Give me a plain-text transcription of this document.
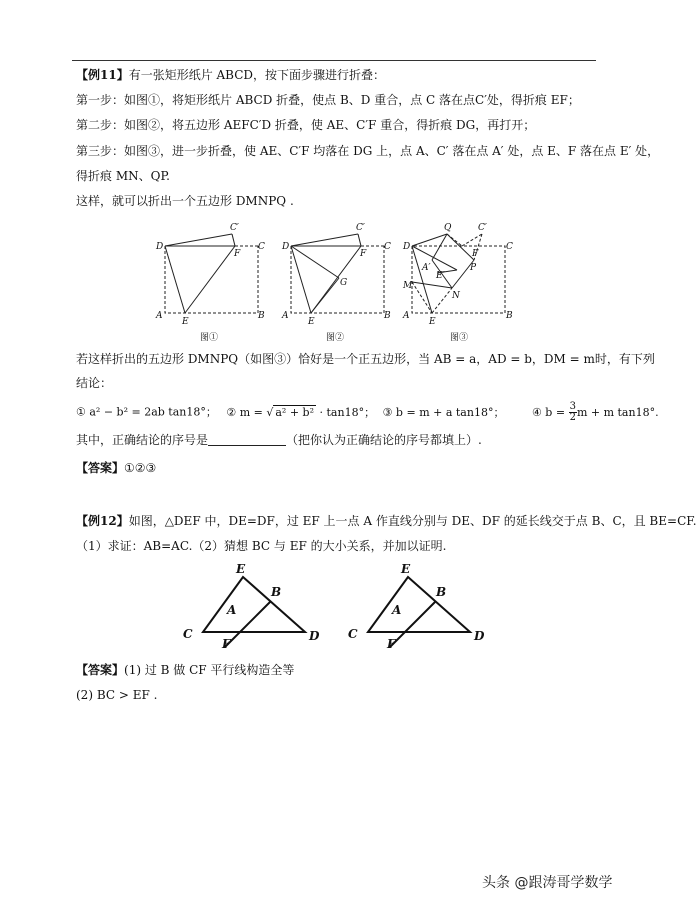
【例11】有一张矩形纸片 ABCD，按下面步骤进行折叠：
第一步：如图①，将矩形纸片 ABCD 折叠，使点 B、D 重合，点 C 落在点C′处，得折痕 EF；
第二步：如图②，将五边形 AEFC′D 折叠，使 AE、C′F 重合，得折痕 DG，再打开；
第三步：如图③，进一步折叠，使 AE、C′F 均落在 DG 上，点 A、C′ 落在点 A′ 处，点 E、F 落在点 E′ 处，
得折痕 MN、QP.
这样，就可以折出一个五边形 DMNPQ .
D
A
E
B
C
C′
F
D
A
E
B
C
C′
F
G
D
M
A
E
B
C
Q	C′
F
P
A′
E′
N
图①	图②	图③
若这样折出的五边形 DMNPQ（如图③）恰好是一个正五边形，当 AB = a，AD = b，DM = m时，有下列
结论：
① a² − b² = 2ab tan18°； ② m = √ a² + b² · tan18°； ③ b = m + a tan18°；	④ $b = \frac{3}{2}$ m + m tan18°.
其中，正确结论的序号是	（把你认为正确结论的序号都填上）.
【答案】①②③
【例12】如图，△DEF 中，DE=DF，过 EF 上一点 A 作直线分别与 DE、DF 的延长线交于点 B、C，且 BE=CF.
（1）求证：AB=AC.（2）猜想 BC 与 EF 的大小关系，并加以证明.
E
B
A
C
F
D
E
B
A
C
F
D
【答案】(1) 过 B 做 CF 平行线构造全等
(2) BC > EF .
头条 @跟涛哥学数学
